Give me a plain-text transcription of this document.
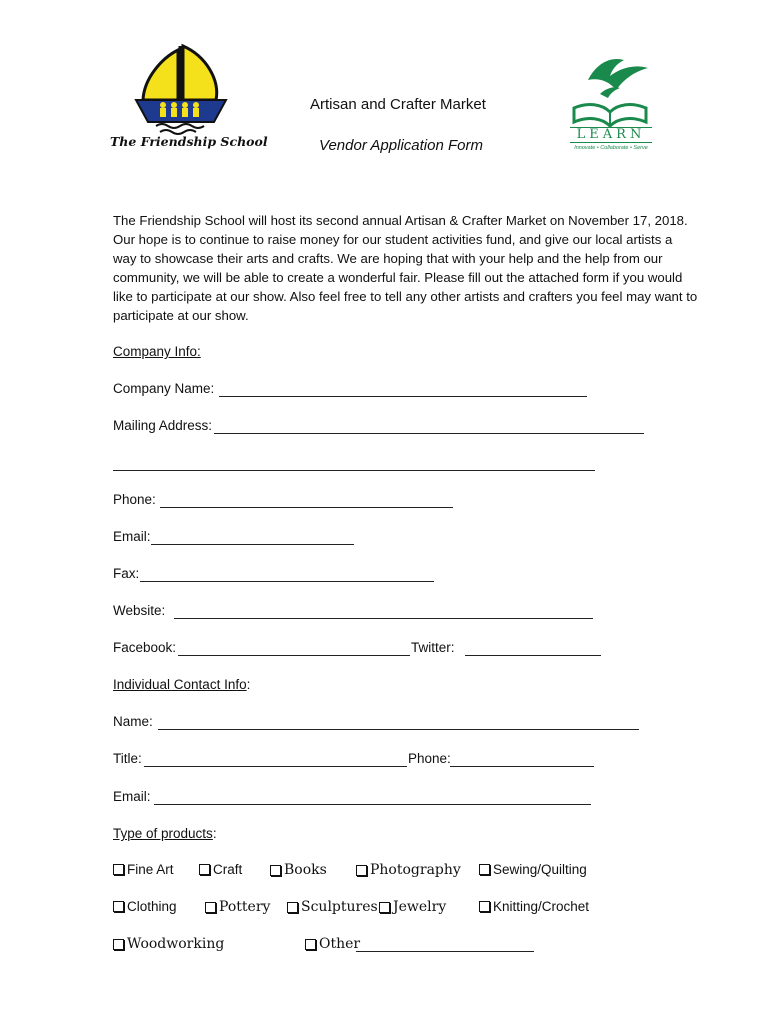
The Friendship School
Artisan and Crafter Market
Vendor Application Form
LEARN
Innovate • Collaborate • Serve
The Friendship School will host its second annual Artisan & Crafter Market on November 17, 2018. Our hope is to continue to raise money for our student activities fund, and give our local artists a way to showcase their arts and crafts. We are hoping that with your help and the help from our community, we will be able to create a wonderful fair. Please fill out the attached form if you would like to participate at our show. Also feel free to tell any other artists and crafters you feel may want to participate at our show.
Company Info:
Company Name:
Mailing Address:
Phone:
Email:
Fax:
Website:
Facebook:	Twitter:
Individual Contact Info:
Name:
Title:	Phone:
Email:
Type of products:
Fine Art	Craft	Books	Photography Sewing/Quilting
Clothing	Pottery Sculptures Jewelry	Knitting/Crochet
Woodworking	Other
